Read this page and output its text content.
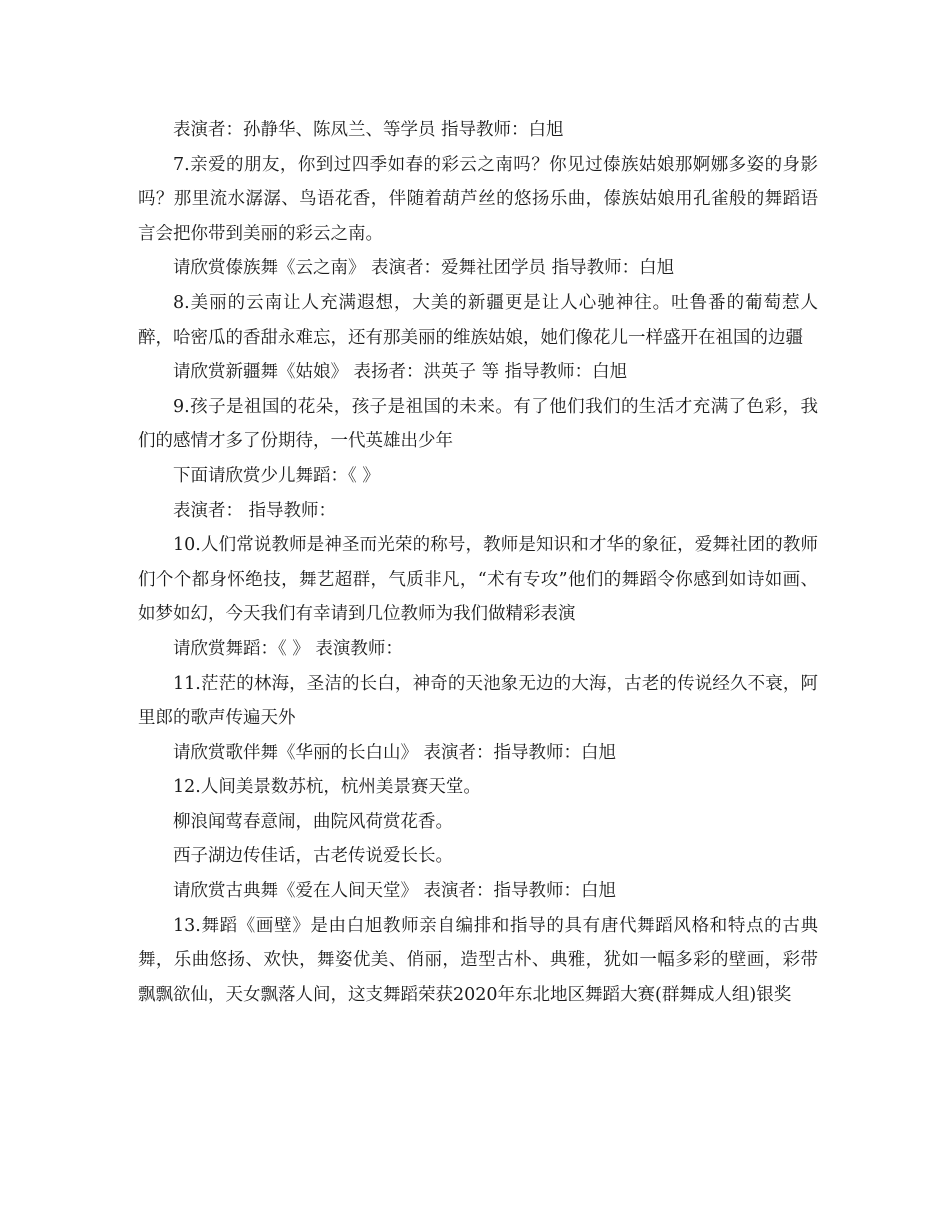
表演者：孙静华、陈凤兰、等学员 指导教师：白旭

7.亲爱的朋友，你到过四季如春的彩云之南吗？你见过傣族姑娘那婀娜多姿的身影吗？那里流水潺潺、鸟语花香，伴随着葫芦丝的悠扬乐曲，傣族姑娘用孔雀般的舞蹈语言会把你带到美丽的彩云之南。

请欣赏傣族舞《云之南》 表演者：爱舞社团学员 指导教师：白旭

8.美丽的云南让人充满遐想，大美的新疆更是让人心驰神往。吐鲁番的葡萄惹人醉，哈密瓜的香甜永难忘，还有那美丽的维族姑娘，她们像花儿一样盛开在祖国的边疆

请欣赏新疆舞《姑娘》 表扬者：洪英子 等 指导教师：白旭

9.孩子是祖国的花朵，孩子是祖国的未来。有了他们我们的生活才充满了色彩，我们的感情才多了份期待，一代英雄出少年

下面请欣赏少儿舞蹈：《 》

表演者： 指导教师：

10.人们常说教师是神圣而光荣的称号，教师是知识和才华的象征，爱舞社团的教师们个个都身怀绝技，舞艺超群，气质非凡，“术有专攻”他们的舞蹈令你感到如诗如画、如梦如幻，今天我们有幸请到几位教师为我们做精彩表演

请欣赏舞蹈：《 》 表演教师：

11.茫茫的林海，圣洁的长白，神奇的天池象无边的大海，古老的传说经久不衰，阿里郎的歌声传遍天外

请欣赏歌伴舞《华丽的长白山》 表演者：指导教师：白旭

12.人间美景数苏杭，杭州美景赛天堂。

柳浪闻莺春意闹，曲院风荷赏花香。

西子湖边传佳话，古老传说爱长长。

请欣赏古典舞《爱在人间天堂》 表演者：指导教师：白旭

13.舞蹈《画壁》是由白旭教师亲自编排和指导的具有唐代舞蹈风格和特点的古典舞，乐曲悠扬、欢快，舞姿优美、俏丽，造型古朴、典雅，犹如一幅多彩的壁画，彩带飘飘欲仙，天女飘落人间，这支舞蹈荣获2020年东北地区舞蹈大赛(群舞成人组)银奖
